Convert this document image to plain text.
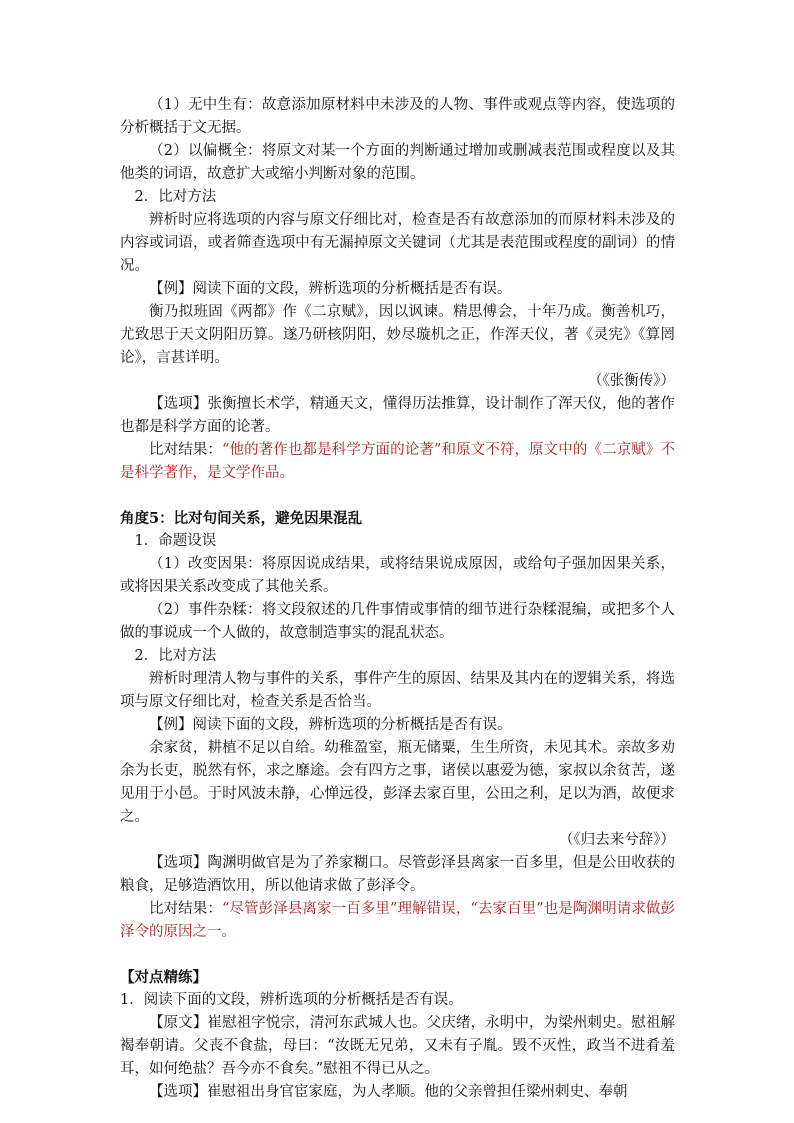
（1）无中生有：故意添加原材料中未涉及的人物、事件或观点等内容，使选项的分析概括于文无据。

（2）以偏概全：将原文对某一个方面的判断通过增加或删减表范围或程度以及其他类的词语，故意扩大或缩小判断对象的范围。

2．比对方法

辨析时应将选项的内容与原文仔细比对，检查是否有故意添加的而原材料未涉及的内容或词语，或者筛查选项中有无漏掉原文关键词（尤其是表范围或程度的副词）的情况。

【例】阅读下面的文段，辨析选项的分析概括是否有误。

衡乃拟班固《两都》作《二京赋》，因以讽谏。精思傅会，十年乃成。衡善机巧，尤致思于天文阴阳历算。遂乃研核阴阳，妙尽璇机之正，作浑天仪，著《灵宪》《算罔论》，言甚详明。

（《张衡传》）

【选项】张衡擅长术学，精通天文，懂得历法推算，设计制作了浑天仪，他的著作也都是科学方面的论著。

比对结果：“他的著作也都是科学方面的论著”和原文不符，原文中的《二京赋》不是科学著作，是文学作品。

角度5：比对句间关系，避免因果混乱

1．命题设误

（1）改变因果：将原因说成结果，或将结果说成原因，或给句子强加因果关系，或将因果关系改变成了其他关系。

（2）事件杂糅：将文段叙述的几件事情或事情的细节进行杂糅混编，或把多个人做的事说成一个人做的，故意制造事实的混乱状态。

2．比对方法

辨析时理清人物与事件的关系，事件产生的原因、结果及其内在的逻辑关系，将选项与原文仔细比对，检查关系是否恰当。

【例】阅读下面的文段，辨析选项的分析概括是否有误。

余家贫，耕植不足以自给。幼稚盈室，瓶无储粟，生生所资，未见其术。亲故多劝余为长吏，脱然有怀，求之靡途。会有四方之事，诸侯以惠爱为德，家叔以余贫苦，遂见用于小邑。于时风波未静，心惮远役，彭泽去家百里，公田之利，足以为酒，故便求之。

（《归去来兮辞》）

【选项】陶渊明做官是为了养家糊口。尽管彭泽县离家一百多里，但是公田收获的粮食，足够造酒饮用，所以他请求做了彭泽令。

比对结果：“尽管彭泽县离家一百多里”理解错误，“去家百里”也是陶渊明请求做彭泽令的原因之一。

【对点精练】

1．阅读下面的文段，辨析选项的分析概括是否有误。

【原文】崔慰祖字悦宗，清河东武城人也。父庆绪，永明中，为梁州刺史。慰祖解褐奉朝请。父丧不食盐，母曰：“汝既无兄弟，又未有子胤。毁不灭性，政当不进肴羞耳，如何绝盐？吾今亦不食矣。”慰祖不得已从之。

【选项】崔慰祖出身官宦家庭，为人孝顺。他的父亲曾担任梁州刺史、奉朝
